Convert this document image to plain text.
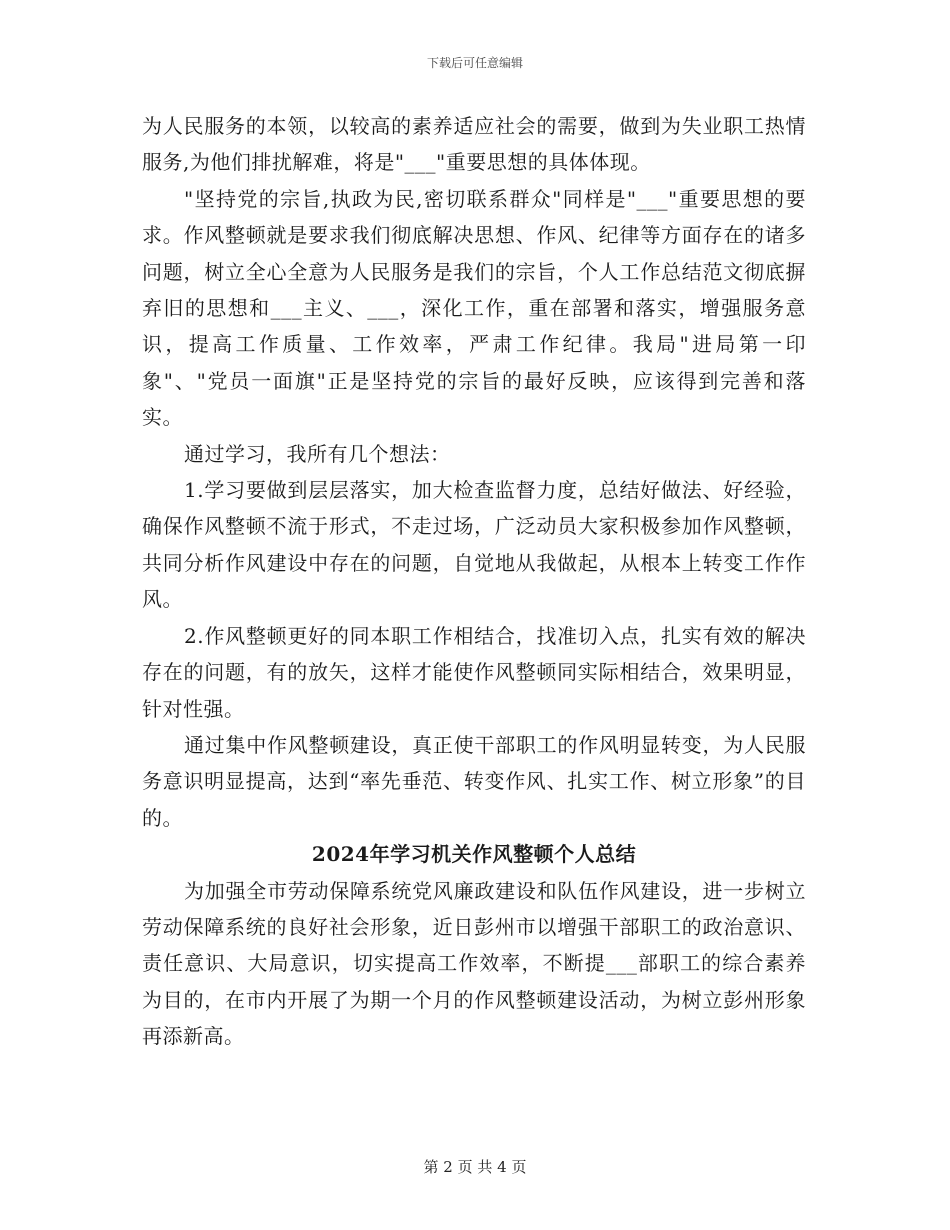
下载后可任意编辑

为人民服务的本领，以较高的素养适应社会的需要，做到为失业职工热情服务,为他们排扰解难，将是"___"重要思想的具体体现。

"坚持党的宗旨,执政为民,密切联系群众"同样是"___"重要思想的要求。作风整顿就是要求我们彻底解决思想、作风、纪律等方面存在的诸多问题，树立全心全意为人民服务是我们的宗旨，个人工作总结范文彻底摒弃旧的思想和___主义、___，深化工作，重在部署和落实，增强服务意识，提高工作质量、工作效率，严肃工作纪律。我局"进局第一印象"、"党员一面旗"正是坚持党的宗旨的最好反映，应该得到完善和落实。

通过学习，我所有几个想法：

1.学习要做到层层落实，加大检查监督力度，总结好做法、好经验，确保作风整顿不流于形式，不走过场，广泛动员大家积极参加作风整顿，共同分析作风建设中存在的问题，自觉地从我做起，从根本上转变工作作风。

2.作风整顿更好的同本职工作相结合，找准切入点，扎实有效的解决存在的问题，有的放矢，这样才能使作风整顿同实际相结合，效果明显，针对性强。

通过集中作风整顿建设，真正使干部职工的作风明显转变，为人民服务意识明显提高，达到“率先垂范、转变作风、扎实工作、树立形象”的目的。

2024年学习机关作风整顿个人总结

为加强全市劳动保障系统党风廉政建设和队伍作风建设，进一步树立劳动保障系统的良好社会形象，近日彭州市以增强干部职工的政治意识、责任意识、大局意识，切实提高工作效率，不断提___部职工的综合素养为目的，在市内开展了为期一个月的作风整顿建设活动，为树立彭州形象再添新高。

第 2 页 共 4 页
